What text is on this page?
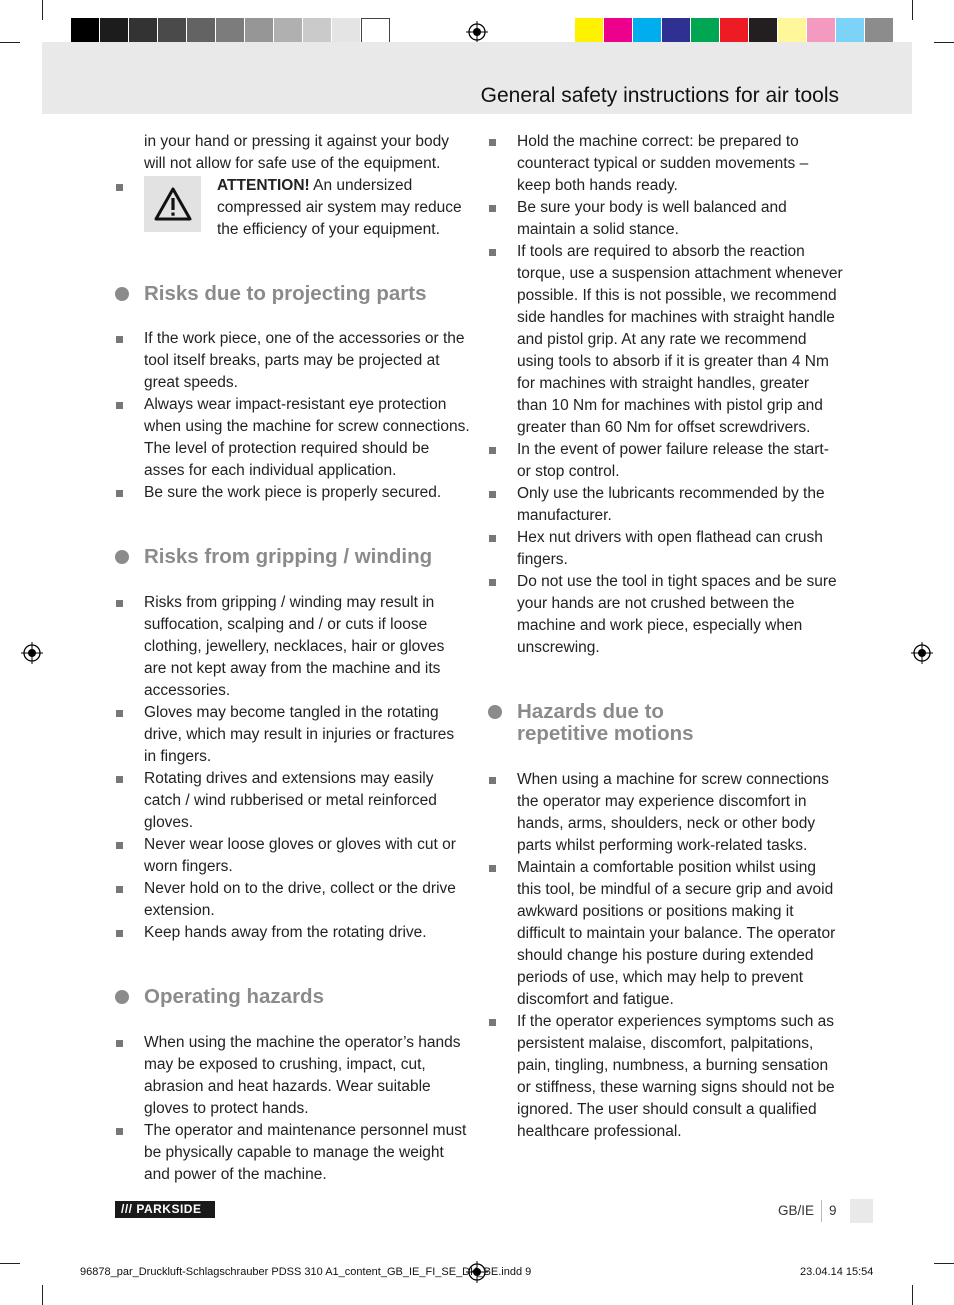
General safety instructions for air tools

in your hand or pressing it against your body will not allow for safe use of the equipment.

ATTENTION! An undersized compressed air system may reduce the efficiency of your equipment.
Risks due to projecting parts

If the work piece, one of the accessories or the tool itself breaks, parts may be projected at great speeds.

Always wear impact-resistant eye protection when using the machine for screw connections. The level of protection required should be asses for each individual application.

Be sure the work piece is properly secured.

Risks from gripping / winding

Risks from gripping / winding may result in suffocation, scalping and / or cuts if loose clothing, jewellery, necklaces, hair or gloves are not kept away from the machine and its accessories.

Gloves may become tangled in the rotating drive, which may result in injuries or fractures in fingers.

Rotating drives and extensions may easily catch / wind rubberised or metal reinforced gloves.

Never wear loose gloves or gloves with cut or worn fingers.

Never hold on to the drive, collect or the drive extension.

Keep hands away from the rotating drive.

Operating hazards

When using the machine the operator’s hands may be exposed to crushing, impact, cut, abrasion and heat hazards. Wear suitable gloves to protect hands.

The operator and maintenance personnel must be physically capable to manage the weight and power of the machine.

Hold the machine correct: be prepared to counteract typical or sudden movements – keep both hands ready.

Be sure your body is well balanced and maintain a solid stance.

If tools are required to absorb the reaction torque, use a suspension attachment whenever possible. If this is not possible, we recommend side handles for machines with straight handle and pistol grip. At any rate we recommend using tools to absorb if it is greater than 4 Nm for machines with straight handles, greater than 10 Nm for machines with pistol grip and greater than 60 Nm for offset screwdrivers.

In the event of power failure release the start- or stop control.

Only use the lubricants recommended by the manufacturer.

Hex nut drivers with open flathead can crush fingers.

Do not use the tool in tight spaces and be sure your hands are not crushed between the machine and work piece, especially when unscrewing.

Hazards due to
repetitive motions

When using a machine for screw connections the operator may experience discomfort in hands, arms, shoulders, neck or other body parts whilst performing work-related tasks.

Maintain a comfortable position whilst using this tool, be mindful of a secure grip and avoid awkward positions or positions making it difficult to maintain your balance. The operator should change his posture during extended periods of use, which may help to prevent discomfort and fatigue.

If the operator experiences symptoms such as persistent malaise, discomfort, palpitations, pain, tingling, numbness, a burning sensation or stiffness, these warning signs should not be ignored. The user should consult a qualified healthcare professional.

/// PARKSIDE	GB/IE 9
96878_par_Druckluft-Schlagschrauber PDSS 310 A1_content_GB_IE_FI_SE_DK_BE.indd 9	23.04.14 15:54
